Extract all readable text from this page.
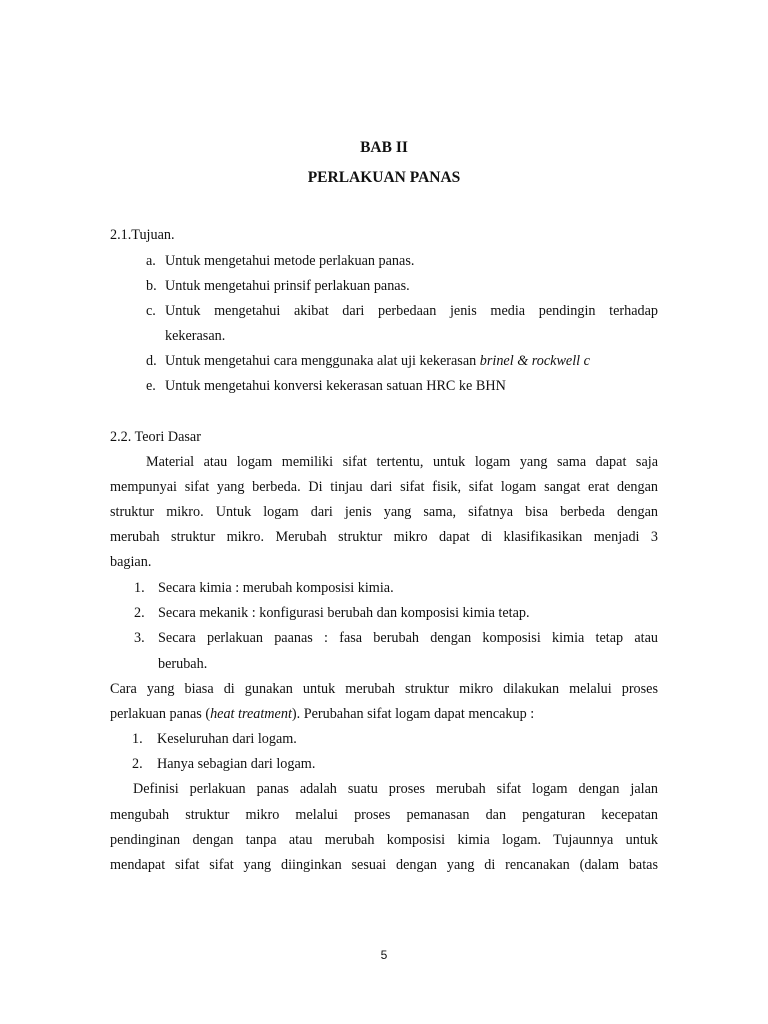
BAB II
PERLAKUAN PANAS
2.1.Tujuan.
a. Untuk mengetahui metode perlakuan panas.
b. Untuk mengetahui prinsif perlakuan panas.
c. Untuk mengetahui akibat dari perbedaan jenis media pendingin terhadap
kekerasan.
d. Untuk mengetahui cara menggunaka alat uji kekerasan brinel & rockwell c
e. Untuk mengetahui konversi kekerasan satuan HRC ke BHN
2.2. Teori Dasar
Material atau logam memiliki sifat tertentu, untuk logam yang sama dapat saja
mempunyai sifat yang berbeda. Di tinjau dari sifat fisik, sifat logam sangat erat dengan
struktur mikro. Untuk logam dari jenis yang sama, sifatnya bisa berbeda dengan
merubah struktur mikro. Merubah struktur mikro dapat di klasifikasikan menjadi 3
bagian.
1. Secara kimia : merubah komposisi kimia.
2. Secara mekanik : konfigurasi berubah dan komposisi kimia tetap.
3. Secara perlakuan paanas : fasa berubah dengan komposisi kimia tetap atau
berubah.
Cara yang biasa di gunakan untuk merubah struktur mikro dilakukan melalui proses
perlakuan panas (heat treatment). Perubahan sifat logam dapat mencakup :
1. Keseluruhan dari logam.
2. Hanya sebagian dari logam.
Definisi perlakuan panas adalah suatu proses merubah sifat logam dengan jalan
mengubah struktur mikro melalui proses pemanasan dan pengaturan kecepatan
pendinginan dengan tanpa atau merubah komposisi kimia logam. Tujaunnya untuk
mendapat sifat sifat yang diinginkan sesuai dengan yang di rencanakan (dalam batas
5
